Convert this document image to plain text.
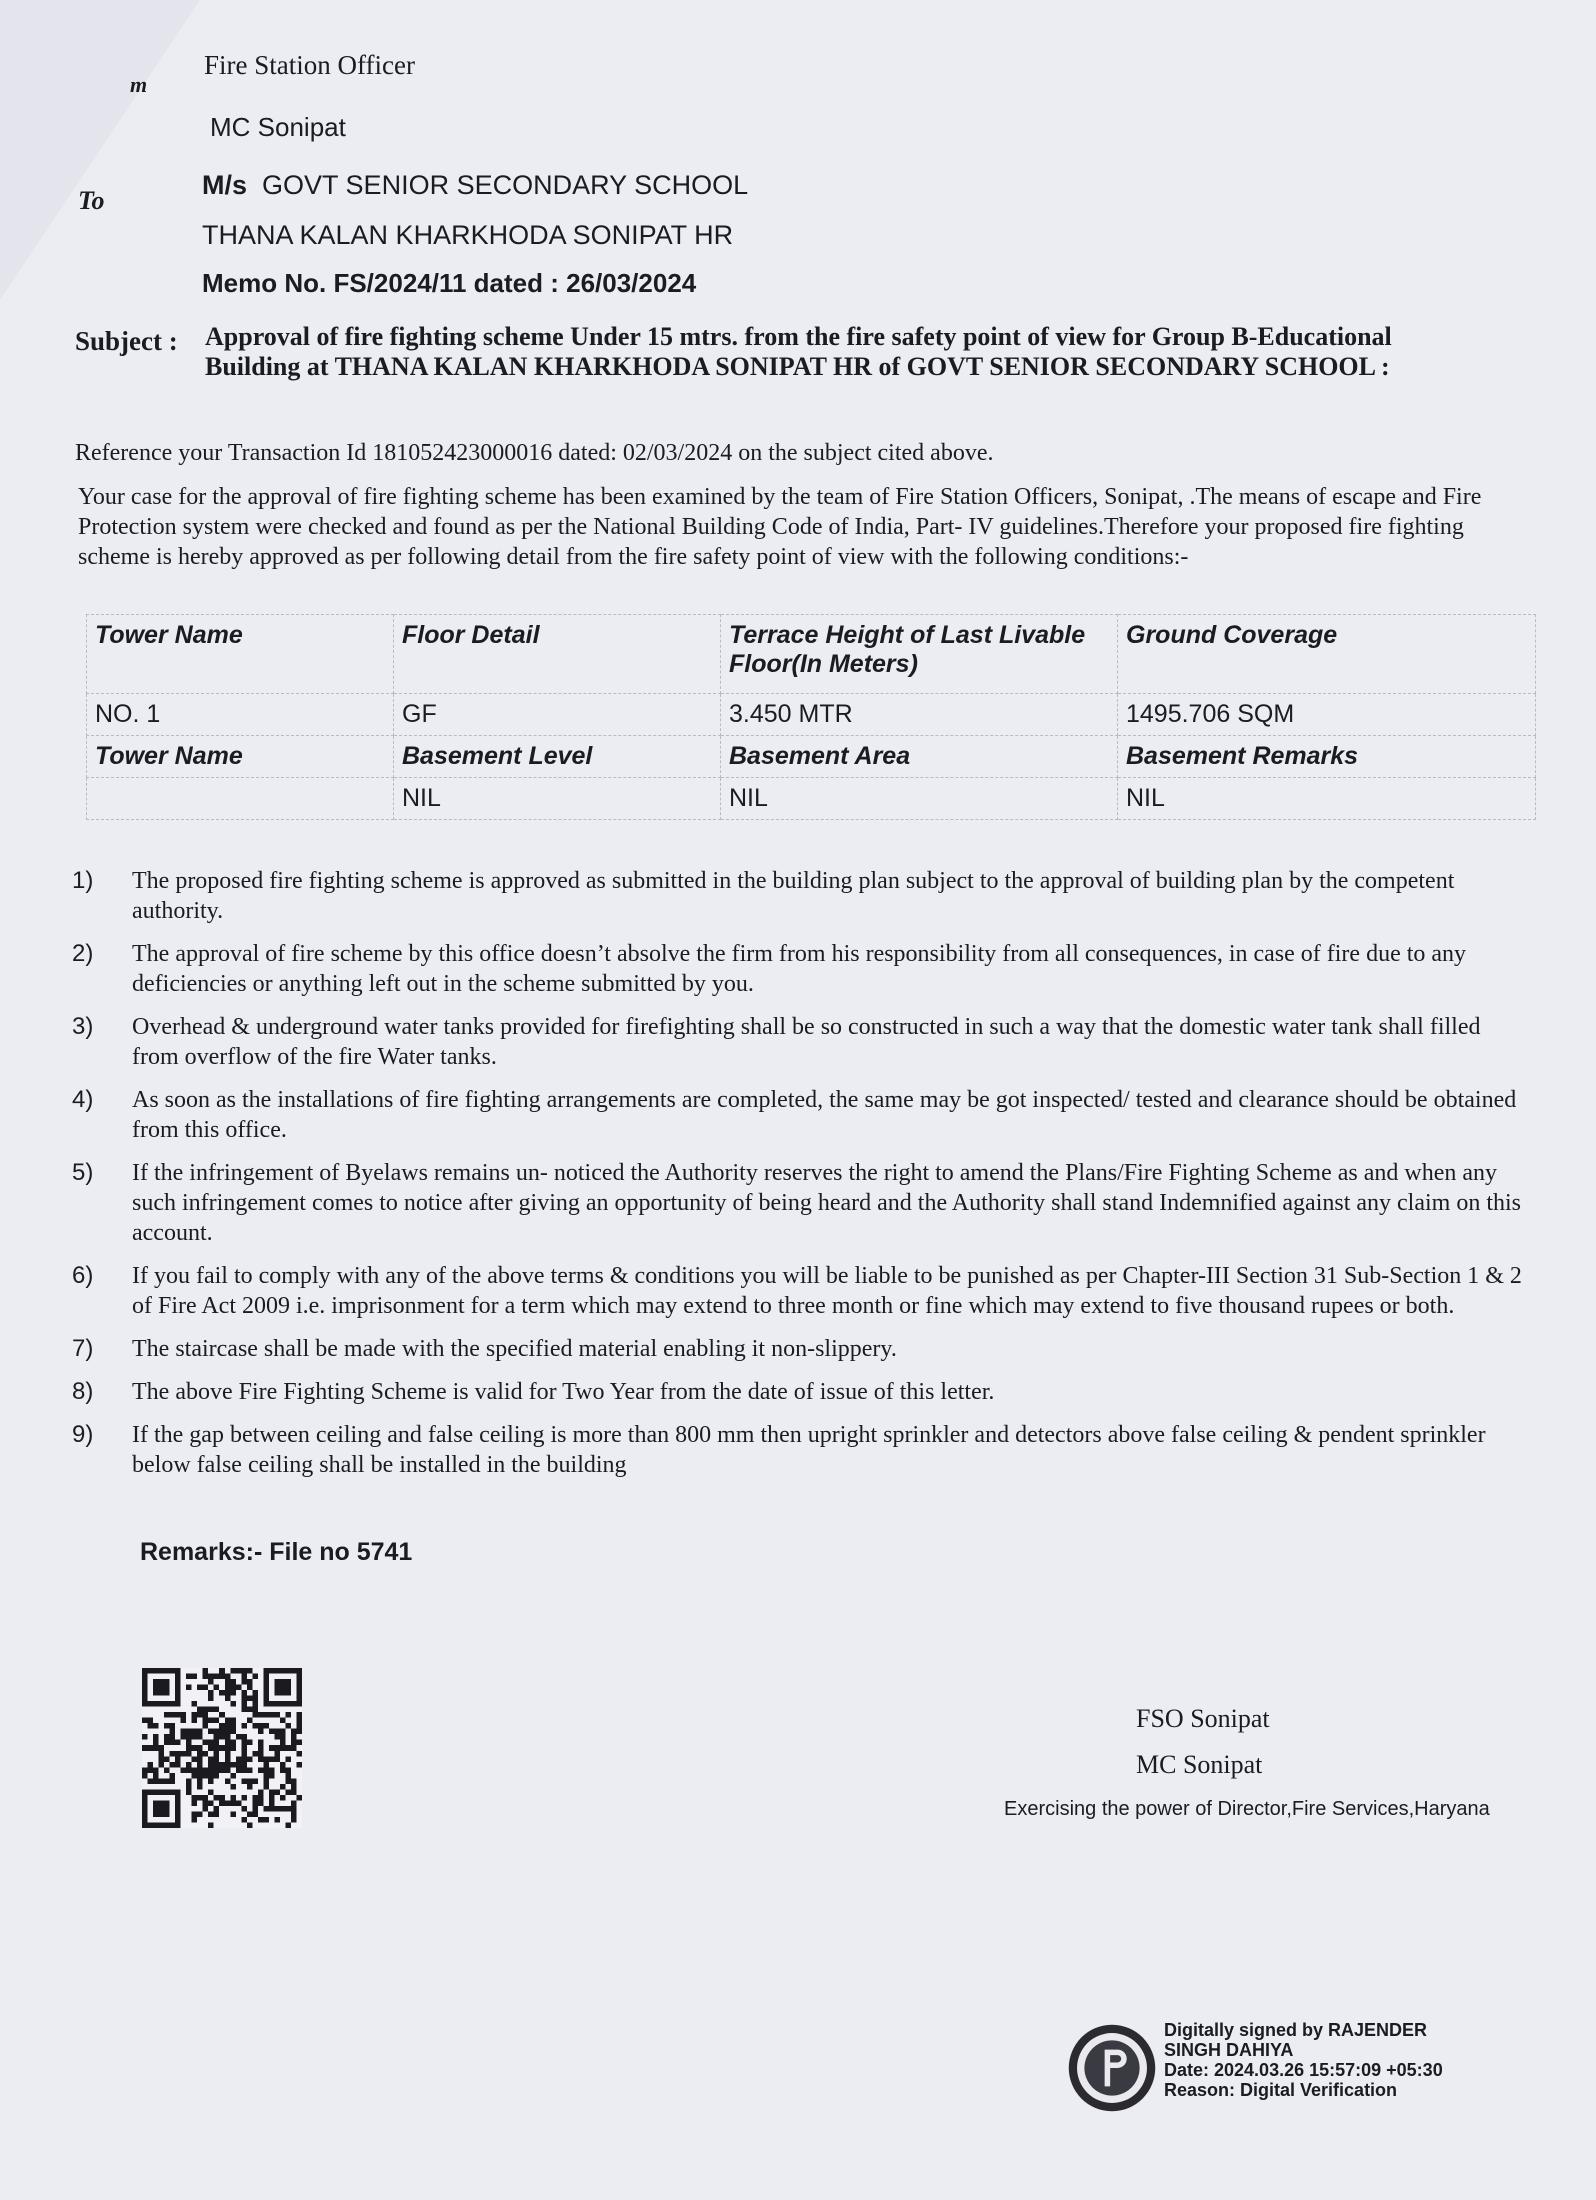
m
Fire Station Officer
MC Sonipat
To
M/s GOVT SENIOR SECONDARY SCHOOL
THANA KALAN KHARKHODA SONIPAT HR
Memo No. FS/2024/11 dated : 26/03/2024
Subject : Approval of fire fighting scheme Under 15 mtrs. from the fire safety point of view for Group B-Educational Building at THANA KALAN KHARKHODA SONIPAT HR of GOVT SENIOR SECONDARY SCHOOL :
Reference your Transaction Id 181052423000016 dated: 02/03/2024 on the subject cited above.
Your case for the approval of fire fighting scheme has been examined by the team of Fire Station Officers, Sonipat, .The means of escape and Fire Protection system were checked and found as per the National Building Code of India, Part- IV guidelines.Therefore your proposed fire fighting scheme is hereby approved as per following detail from the fire safety point of view with the following conditions:-
Tower Name	Floor Detail	Terrace Height of Last Livable Floor(In Meters)	Ground Coverage
NO. 1	GF	3.450 MTR	1495.706 SQM
Tower Name	Basement Level	Basement Area	Basement Remarks
	NIL	NIL	NIL
1)	The proposed fire fighting scheme is approved as submitted in the building plan subject to the approval of building plan by the competent authority.
2)	The approval of fire scheme by this office doesn’t absolve the firm from his responsibility from all consequences, in case of fire due to any deficiencies or anything left out in the scheme submitted by you.
3)	Overhead & underground water tanks provided for firefighting shall be so constructed in such a way that the domestic water tank shall filled from overflow of the fire Water tanks.
4)	As soon as the installations of fire fighting arrangements are completed, the same may be got inspected/ tested and clearance should be obtained from this office.
5)	If the infringement of Byelaws remains un- noticed the Authority reserves the right to amend the Plans/Fire Fighting Scheme as and when any such infringement comes to notice after giving an opportunity of being heard and the Authority shall stand Indemnified against any claim on this account.
6)	If you fail to comply with any of the above terms & conditions you will be liable to be punished as per Chapter-III Section 31 Sub-Section 1 & 2 of Fire Act 2009 i.e. imprisonment for a term which may extend to three month or fine which may extend to five thousand rupees or both.
7)	The staircase shall be made with the specified material enabling it non-slippery.
8)	The above Fire Fighting Scheme is valid for Two Year from the date of issue of this letter.
9)	If the gap between ceiling and false ceiling is more than 800 mm then upright sprinkler and detectors above false ceiling & pendent sprinkler below false ceiling shall be installed in the building
Remarks:- File no 5741
FSO Sonipat
MC Sonipat
Exercising the power of Director,Fire Services,Haryana
Digitally signed by RAJENDER
SINGH DAHIYA
Date: 2024.03.26 15:57:09 +05:30
Reason: Digital Verification
